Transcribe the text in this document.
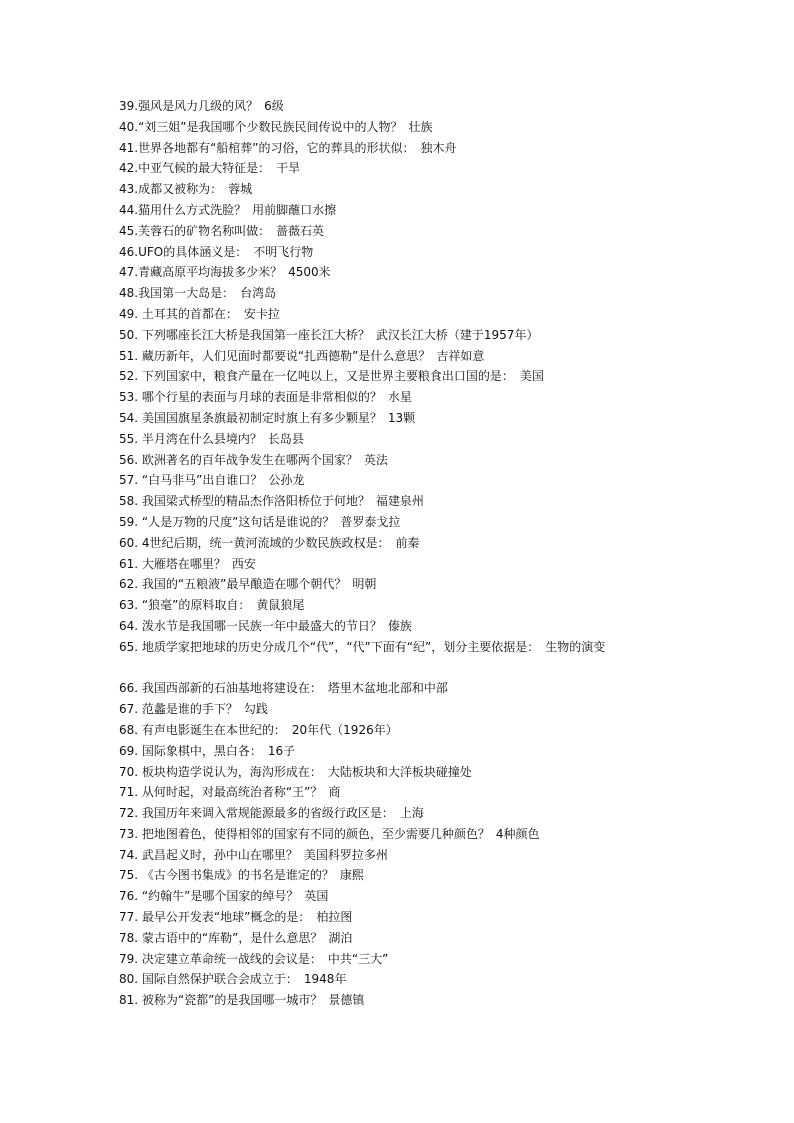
39.强风是风力几级的风？ 6级
40.“刘三姐”是我国哪个少数民族民间传说中的人物？ 壮族
41.世界各地都有“船棺葬”的习俗，它的葬具的形状似： 独木舟
42.中亚气候的最大特征是： 干旱
43.成都又被称为： 蓉城
44.猫用什么方式洗脸？ 用前脚蘸口水擦
45.芙蓉石的矿物名称叫做： 蔷薇石英
46.UFO的具体涵义是： 不明飞行物
47.青藏高原平均海拔多少米？ 4500米
48.我国第一大岛是： 台湾岛
49. 土耳其的首都在： 安卡拉
50. 下列哪座长江大桥是我国第一座长江大桥？ 武汉长江大桥（建于1957年）
51. 藏历新年，人们见面时都要说“扎西德勒”是什么意思？ 吉祥如意
52. 下列国家中，粮食产量在一亿吨以上，又是世界主要粮食出口国的是： 美国
53. 哪个行星的表面与月球的表面是非常相似的？ 水星
54. 美国国旗星条旗最初制定时旗上有多少颗星？ 13颗
55. 半月湾在什么县境内？ 长岛县
56. 欧洲著名的百年战争发生在哪两个国家？ 英法
57. “白马非马”出自谁口？ 公孙龙
58. 我国梁式桥型的精品杰作洛阳桥位于何地？ 福建泉州
59. “人是万物的尺度”这句话是谁说的？ 普罗泰戈拉
60. 4世纪后期，统一黄河流域的少数民族政权是： 前秦
61. 大雁塔在哪里？ 西安
62. 我国的“五粮液”最早酿造在哪个朝代？ 明朝
63. “狼毫”的原料取自： 黄鼠狼尾
64. 泼水节是我国哪一民族一年中最盛大的节日？ 傣族
65. 地质学家把地球的历史分成几个“代”，“代”下面有“纪”，划分主要依据是： 生物的演变
66. 我国西部新的石油基地将建设在： 塔里木盆地北部和中部
67. 范蠡是谁的手下？ 勾践
68. 有声电影诞生在本世纪的： 20年代（1926年）
69. 国际象棋中，黑白各： 16子
70. 板块构造学说认为，海沟形成在： 大陆板块和大洋板块碰撞处
71. 从何时起，对最高统治者称“王”？ 商
72. 我国历年来调入常规能源最多的省级行政区是： 上海
73. 把地图着色，使得相邻的国家有不同的颜色，至少需要几种颜色？ 4种颜色
74. 武昌起义时，孙中山在哪里？ 美国科罗拉多州
75. 《古今图书集成》的书名是谁定的？ 康熙
76. “约翰牛”是哪个国家的绰号？ 英国
77. 最早公开发表“地球”概念的是： 柏拉图
78. 蒙古语中的“库勒”，是什么意思？ 湖泊
79. 决定建立革命统一战线的会议是： 中共“三大”
80. 国际自然保护联合会成立于： 1948年
81. 被称为“瓷都”的是我国哪一城市？ 景德镇
